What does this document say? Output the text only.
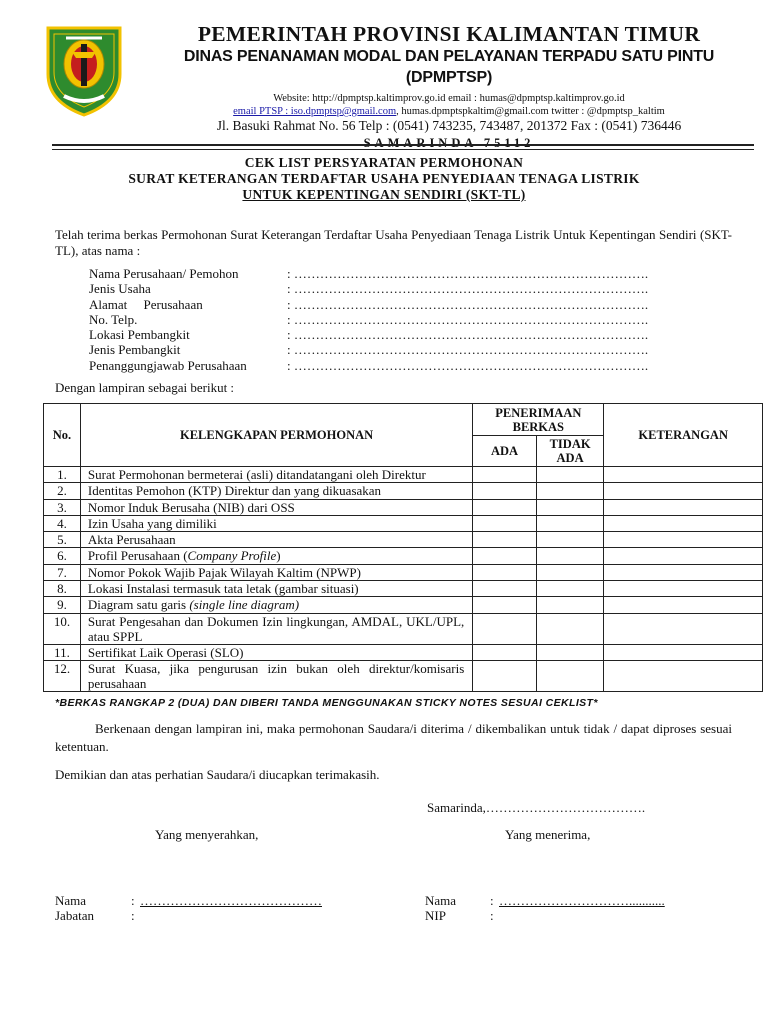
PEMERINTAH PROVINSI KALIMANTAN TIMUR
DINAS PENANAMAN MODAL DAN PELAYANAN TERPADU SATU PINTU (DPMPTSP)
Website: http://dpmptsp.kaltimprov.go.id email : humas@dpmptsp.kaltimprov.go.id
email PTSP : iso.dpmptsp@gmail.com, humas.dpmptspkaltim@gmail.com twitter : @dpmptsp_kaltim
Jl. Basuki Rahmat No. 56 Telp : (0541) 743235, 743487, 201372 Fax : (0541) 736446
SAMARINDA 75112
CEK LIST PERSYARATAN PERMOHONAN
SURAT KETERANGAN TERDAFTAR USAHA PENYEDIAAN TENAGA LISTRIK
UNTUK KEPENTINGAN SENDIRI (SKT-TL)
Telah terima berkas Permohonan Surat Keterangan Terdaftar Usaha Penyediaan Tenaga Listrik Untuk Kepentingan Sendiri (SKT-TL), atas nama :
Nama Perusahaan/ Pemohon	: ……………………………………………………………………….
Jenis Usaha	: ……………………………………………………………………….
Alamat     Perusahaan	: ……………………………………………………………………….
No. Telp.	: ……………………………………………………………………….
Lokasi Pembangkit	: ……………………………………………………………………….
Jenis Pembangkit	: ……………………………………………………………………….
Penanggungjawab Perusahaan	: ……………………………………………………………………….
Dengan lampiran sebagai berikut :
No.	KELENGKAPAN PERMOHONAN	PENERIMAAN BERKAS		KETERANGAN
		ADA	TIDAK ADA	
1.	Surat Permohonan bermeterai (asli) ditandatangani oleh Direktur			
2.	Identitas Pemohon (KTP) Direktur dan yang dikuasakan			
3.	Nomor Induk Berusaha (NIB) dari OSS			
4.	Izin Usaha yang dimiliki			
5.	Akta Perusahaan			
6.	Profil Perusahaan (Company Profile)			
7.	Nomor Pokok Wajib Pajak Wilayah Kaltim (NPWP)			
8.	Lokasi Instalasi termasuk tata letak (gambar situasi)			
9.	Diagram satu garis (single line diagram)			
10.	Surat Pengesahan dan Dokumen Izin lingkungan, AMDAL, UKL/UPL, atau SPPL			
11.	Sertifikat Laik Operasi (SLO)			
12.	Surat Kuasa, jika pengurusan izin bukan oleh direktur/komisaris perusahaan			
*BERKAS RANGKAP 2 (DUA) DAN DIBERI TANDA MENGGUNAKAN STICKY NOTES SESUAI CEKLIST*
Berkenaan dengan lampiran ini, maka permohonan Saudara/i diterima / dikembalikan untuk tidak / dapat diproses sesuai ketentuan.
Demikian dan atas perhatian Saudara/i diucapkan terimakasih.
Samarinda,……………………………….
Yang menyerahkan,	Yang menerima,
Nama	: ……………………………………
Jabatan	:
Nama	: …………………………...........
NIP	:
